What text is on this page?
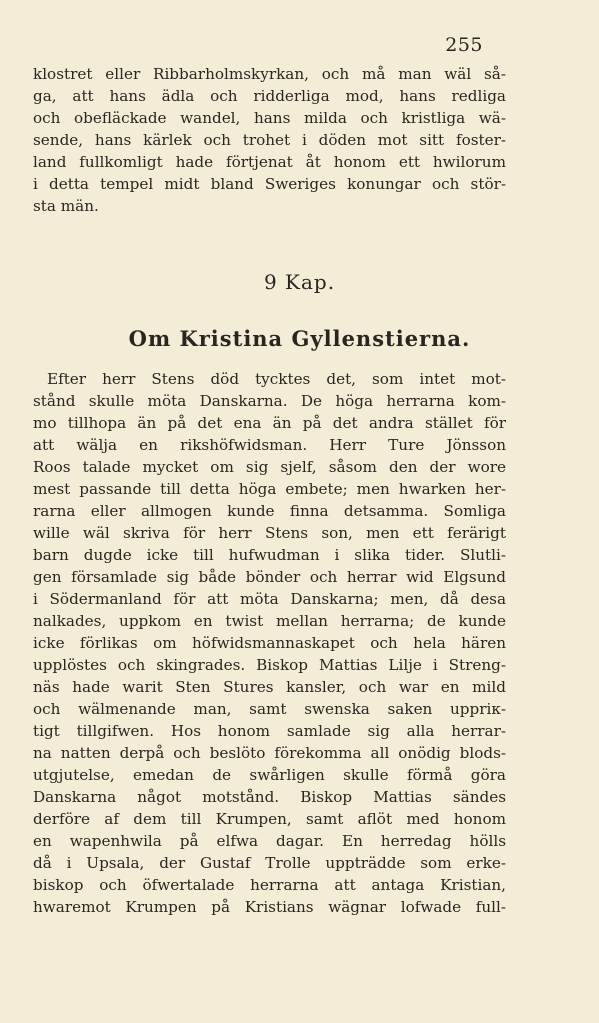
255
klostret eller Ribbarholmskyrkan, och må man wäl så-
ga, att hans ädla och ridderliga mod, hans redliga
och obefläckade wandel, hans milda och kristliga wä-
sende, hans kärlek och trohet i döden mot sitt foster-
land fullkomligt hade förtjenat åt honom ett hwilorum
i detta tempel midt bland Sweriges konungar och stör-
sta män.
9 Kap.
Om Kristina Gyllenstierna.
Efter herr Stens död tycktes det, som intet mot-
stånd skulle möta Danskarna. De höga herrarna kom-
mo tillhopa än på det ena än på det andra stället för
att wälja en rikshöfwidsman. Herr Ture Jönsson
Roos talade mycket om sig sjelf, såsom den der wore
mest passande till detta höga embete; men hwarken her-
rarna eller allmogen kunde finna detsamma. Somliga
wille wäl skriva för herr Stens son, men ett ferärigt
barn dugde icke till hufwudman i slika tider. Slutli-
gen församlade sig både bönder och herrar wid Elgsund
i Södermanland för att möta Danskarna; men, då desa
nalkades, uppkom en twist mellan herrarna; de kunde
icke förlikas om höfwidsmannaskapet och hela hären
upplöstes och skingrades. Biskop Mattias Lilje i Streng-
näs hade warit Sten Stures kansler, och war en mild
och wälmenande man, samt swenska saken uppriк-
tigt tillgifwen. Hos honom samlade sig alla herrar-
na natten derpå och beslöto förekomma all onödig blods-
utgjutelse, emedan de swårligen skulle förmå göra
Danskarna något motstånd. Biskop Mattias sändes
derföre af dem till Krumpen, samt aflöt med honom
en wapenhwila på elfwa dagar. En herredag hölls
då i Upsala, der Gustaf Trolle uppträdde som erke-
biskop och öfwertalade herrarna att antaga Kristian,
hwaremot Krumpen på Kristians wägnar lofwade full-
